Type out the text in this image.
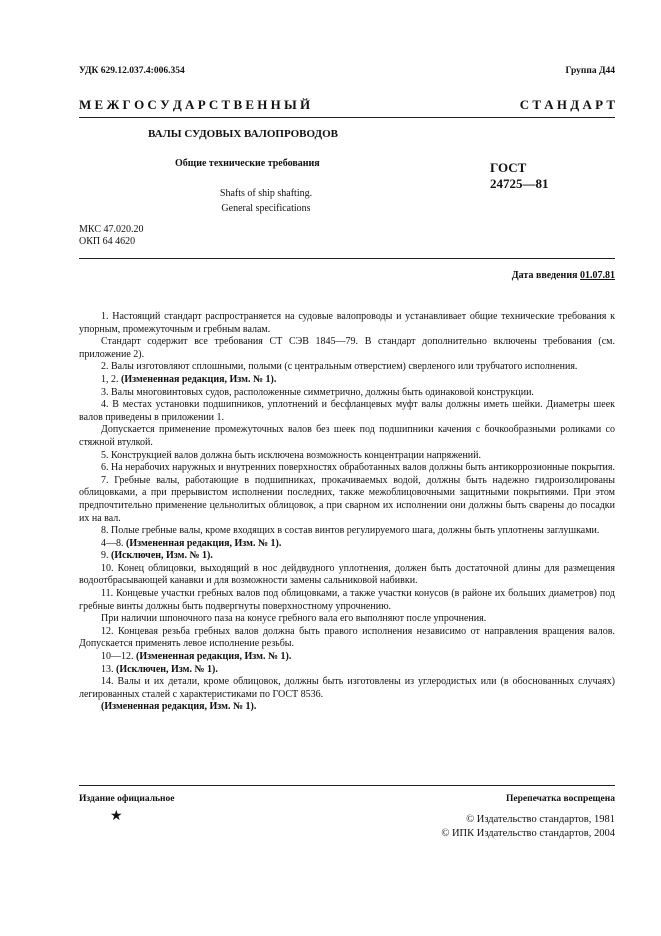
УДК 629.12.037.4:006.354	Группа Д44
М Е Ж Г О С У Д А Р С Т В Е Н Н Ы Й	С Т А Н Д А Р Т
ВАЛЫ СУДОВЫХ ВАЛОПРОВОДОВ
Общие технические требования
Shafts of ship shafting.
General specifications
ГОСТ
24725—81
МКС 47.020.20
ОКП 64 4620
Дата введения 01.07.81

1. Настоящий стандарт распространяется на судовые валопроводы и устанавливает общие технические требования к упорным, промежуточным и гребным валам.

Стандарт содержит все требования СТ СЭВ 1845—79. В стандарт дополнительно включены требования (см. приложение 2).

2. Валы изготовляют сплошными, полыми (с центральным отверстием) сверленого или трубчатого исполнения.

1, 2. (Измененная редакция, Изм. № 1).

3. Валы многовинтовых судов, расположенные симметрично, должны быть одинаковой конструкции.

4. В местах установки подшипников, уплотнений и бесфланцевых муфт валы должны иметь шейки. Диаметры шеек валов приведены в приложении 1.

Допускается применение промежуточных валов без шеек под подшипники качения с бочкообразными роликами со стяжной втулкой.

5. Конструкцией валов должна быть исключена возможность концентрации напряжений.

6. На нерабочих наружных и внутренних поверхностях обработанных валов должны быть антикоррозионные покрытия.

7. Гребные валы, работающие в подшипниках, прокачиваемых водой, должны быть надежно гидроизолированы облицовками, а при прерывистом исполнении последних, также межоблицовочными защитными покрытиями. При этом предпочтительно применение цельнолитых облицовок, а при сварном их исполнении они должны быть сварены до посадки их на вал.

8. Полые гребные валы, кроме входящих в состав винтов регулируемого шага, должны быть уплотнены заглушками.

4—8. (Измененная редакция, Изм. № 1).

9. (Исключен, Изм. № 1).

10. Конец облицовки, выходящий в нос дейдвудного уплотнения, должен быть достаточной длины для размещения водоотбрасывающей канавки и для возможности замены сальниковой набивки.

11. Концевые участки гребных валов под облицовками, а также участки конусов (в районе их больших диаметров) под гребные винты должны быть подвергнуты поверхностному упрочнению.

При наличии шпоночного паза на конусе гребного вала его выполняют после упрочнения.

12. Концевая резьба гребных валов должна быть правого исполнения независимо от направления вращения валов. Допускается применять левое исполнение резьбы.

10—12. (Измененная редакция, Изм. № 1).

13. (Исключен, Изм. № 1).

14. Валы и их детали, кроме облицовок, должны быть изготовлены из углеродистых или (в обоснованных случаях) легированных сталей с характеристиками по ГОСТ 8536.

(Измененная редакция, Изм. № 1).

Издание официальное	Перепечатка воспрещена
★	© Издательство стандартов, 1981
© ИПК Издательство стандартов, 2004
